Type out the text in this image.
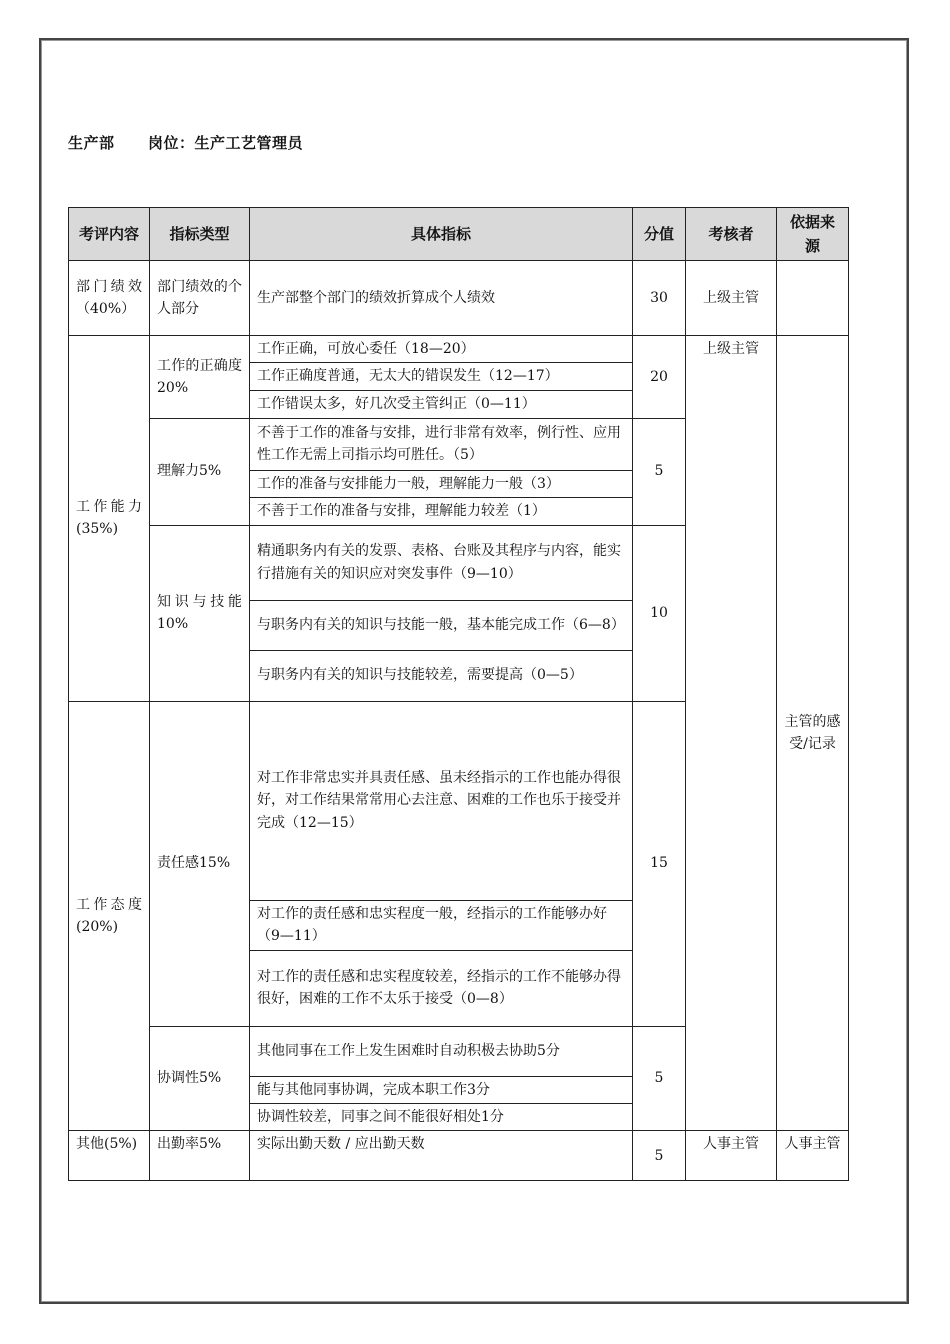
生产部 岗位：生产工艺管理员
考评内容	指标类型	具体指标	分值	考核者	依据来源
部门绩效（40%）	部门绩效的个人部分	生产部整个部门的绩效折算成个人绩效	30	上级主管	
工作能力(35%)	工作的正确度20%	工作正确，可放心委任（18—20）	20	上级主管	主管的感受/记录
		工作正确度普通，无太大的错误发生（12—17）			
		工作错误太多，好几次受主管纠正（0—11）			
	理解力5%	不善于工作的准备与安排，进行非常有效率，例行性、应用性工作无需上司指示均可胜任。（5）	5		
		工作的准备与安排能力一般，理解能力一般（3）			
		不善于工作的准备与安排，理解能力较差（1）			
	知识与技能10%	精通职务内有关的发票、表格、台账及其程序与内容，能实行措施有关的知识应对突发事件（9—10）	10		
		与职务内有关的知识与技能一般，基本能完成工作（6—8）			
		与职务内有关的知识与技能较差，需要提高（0—5）			
工作态度(20%)	责任感15%	对工作非常忠实并具责任感、虽未经指示的工作也能办得很好，对工作结果常常用心去注意、困难的工作也乐于接受并完成（12—15）	15		
		对工作的责任感和忠实程度一般，经指示的工作能够办好（9—11）			
		对工作的责任感和忠实程度较差，经指示的工作不能够办得很好，困难的工作不太乐于接受（0—8）			
	协调性5%	其他同事在工作上发生困难时自动积极去协助5分	5		
		能与其他同事协调，完成本职工作3分			
		协调性较差，同事之间不能很好相处1分			
其他(5%)	出勤率5%	实际出勤天数 / 应出勤天数	5	人事主管	人事主管
